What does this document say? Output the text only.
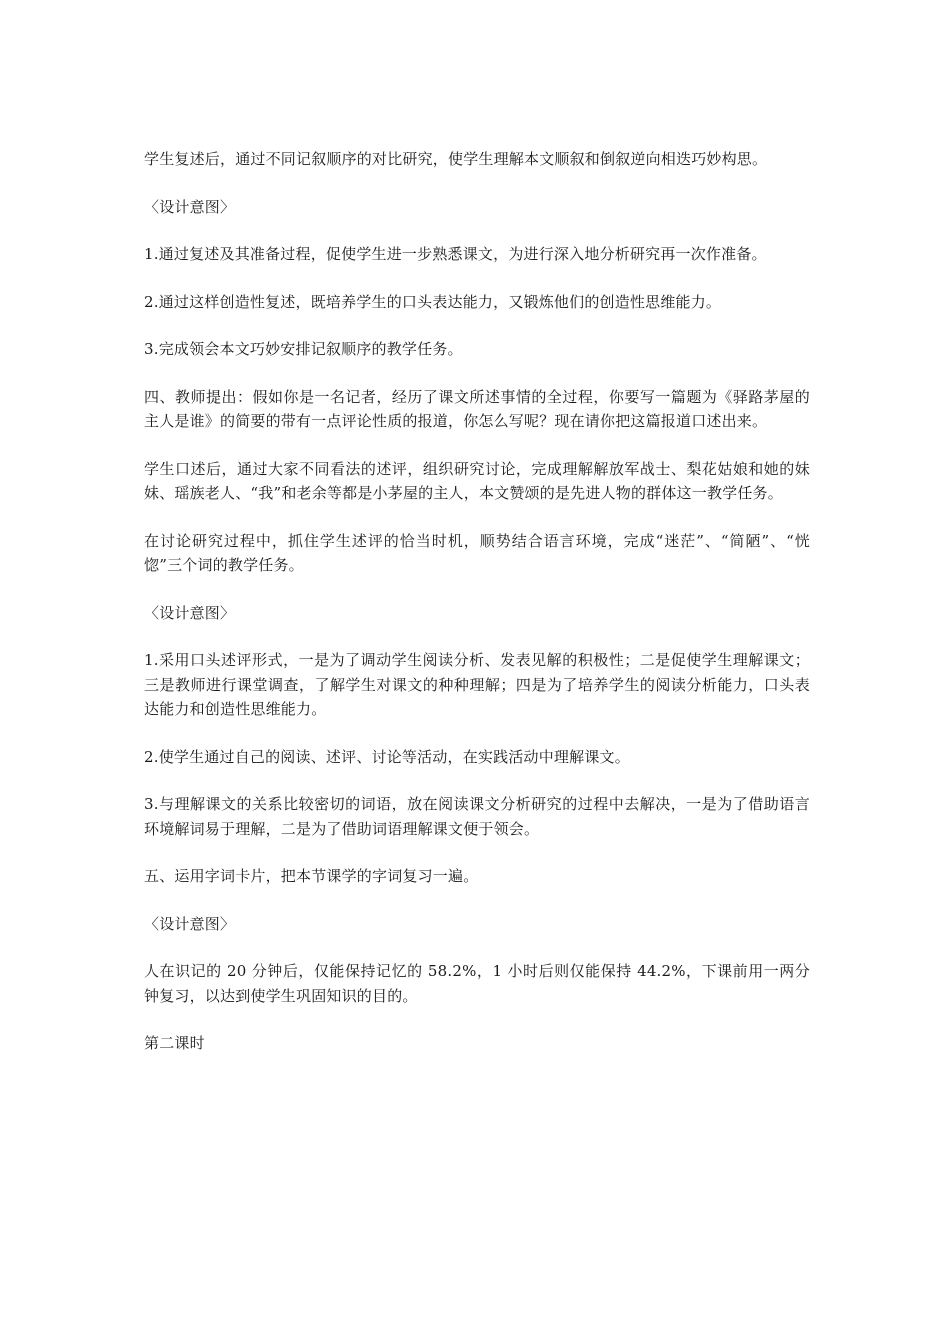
学生复述后，通过不同记叙顺序的对比研究，使学生理解本文顺叙和倒叙逆向相迭巧妙构思。

〈设计意图〉

1.通过复述及其准备过程，促使学生进一步熟悉课文，为进行深入地分析研究再一次作准备。

2.通过这样创造性复述，既培养学生的口头表达能力，又锻炼他们的创造性思维能力。

3.完成领会本文巧妙安排记叙顺序的教学任务。

四、教师提出：假如你是一名记者，经历了课文所述事情的全过程，你要写一篇题为《驿路茅屋的主人是谁》的简要的带有一点评论性质的报道，你怎么写呢？现在请你把这篇报道口述出来。

学生口述后，通过大家不同看法的述评，组织研究讨论，完成理解解放军战士、梨花姑娘和她的妹妹、瑶族老人、“我”和老余等都是小茅屋的主人，本文赞颂的是先进人物的群体这一教学任务。

在讨论研究过程中，抓住学生述评的恰当时机，顺势结合语言环境，完成“迷茫”、“简陋”、“恍惚”三个词的教学任务。

〈设计意图〉

1.采用口头述评形式，一是为了调动学生阅读分析、发表见解的积极性；二是促使学生理解课文；三是教师进行课堂调查，了解学生对课文的种种理解；四是为了培养学生的阅读分析能力，口头表达能力和创造性思维能力。

2.使学生通过自己的阅读、述评、讨论等活动，在实践活动中理解课文。

3.与理解课文的关系比较密切的词语，放在阅读课文分析研究的过程中去解决，一是为了借助语言环境解词易于理解，二是为了借助词语理解课文便于领会。

五、运用字词卡片，把本节课学的字词复习一遍。

〈设计意图〉

人在识记的 20 分钟后，仅能保持记忆的 58.2%，1 小时后则仅能保持 44.2%，下课前用一两分钟复习，以达到使学生巩固知识的目的。

第二课时
